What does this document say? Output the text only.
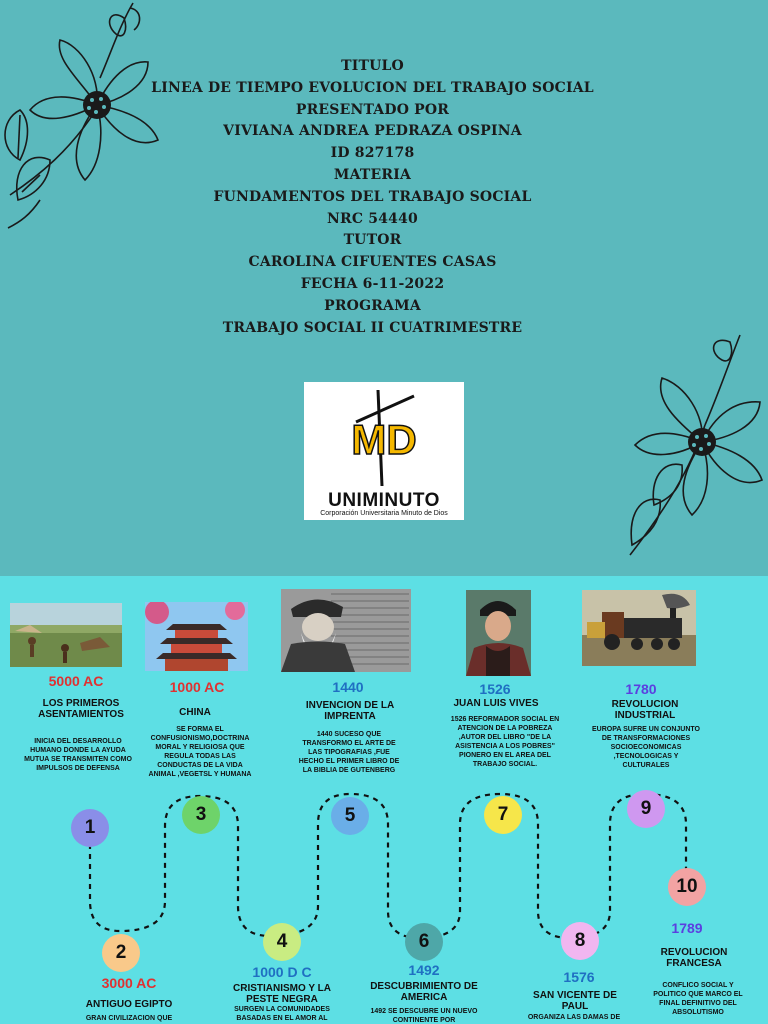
TITULO
LINEA DE TIEMPO EVOLUCION DEL TRABAJO SOCIAL
PRESENTADO POR
VIVIANA ANDREA PEDRAZA OSPINA
ID 827178
MATERIA
FUNDAMENTOS DEL TRABAJO SOCIAL
NRC 54440
TUTOR
CAROLINA CIFUENTES CASAS
FECHA 6-11-2022
PROGRAMA
TRABAJO SOCIAL II CUATRIMESTRE
MD
UNIMINUTO
Corporación Universitaria Minuto de Dios
1
2
3
4
5
6
7
8
9
10
5000 AC
LOS PRIMEROS ASENTAMIENTOS
INICIA DEL DESARROLLO HUMANO DONDE LA AYUDA MUTUA SE TRANSMITEN COMO IMPULSOS DE DEFENSA
3000 AC
ANTIGUO EGIPTO
GRAN CIVILIZACION QUE
1000 AC
CHINA
SE FORMA EL CONFUSIONISMO,DOCTRINA MORAL Y RELIGIOSA QUE REGULA TODAS LAS CONDUCTAS DE LA VIDA ANIMAL ,VEGETSL Y HUMANA
1000 D C
CRISTIANISMO Y LA PESTE NEGRA
SURGEN LA COMUNIDADES BASADAS EN EL AMOR AL
1440
INVENCION DE LA IMPRENTA
1440 SUCESO QUE TRANSFORMO EL ARTE DE LAS TIPOGRAFIAS ,FUE HECHO EL PRIMER LIBRO DE LA BIBLIA DE GUTENBERG
1492
DESCUBRIMIENTO DE AMERICA
1492 SE DESCUBRE UN NUEVO CONTINENTE POR
1526
JUAN LUIS VIVES
1526 REFORMADOR SOCIAL EN ATENCION DE LA POBREZA ,AUTOR DEL LIBRO "DE LA ASISTENCIA A LOS POBRES" PIONERO EN EL AREA DEL TRABAJO SOCIAL.
1576
SAN VICENTE DE PAUL
ORGANIZA LAS DAMAS DE
1780
REVOLUCION INDUSTRIAL
EUROPA SUFRE UN CONJUNTO DE TRANSFORMACIONES SOCIOECONOMICAS ,TECNOLOGICAS Y CULTURALES
1789
REVOLUCION FRANCESA
CONFLICO SOCIAL Y POLITICO QUE MARCO EL FINAL DEFINITIVO DEL ABSOLUTISMO
